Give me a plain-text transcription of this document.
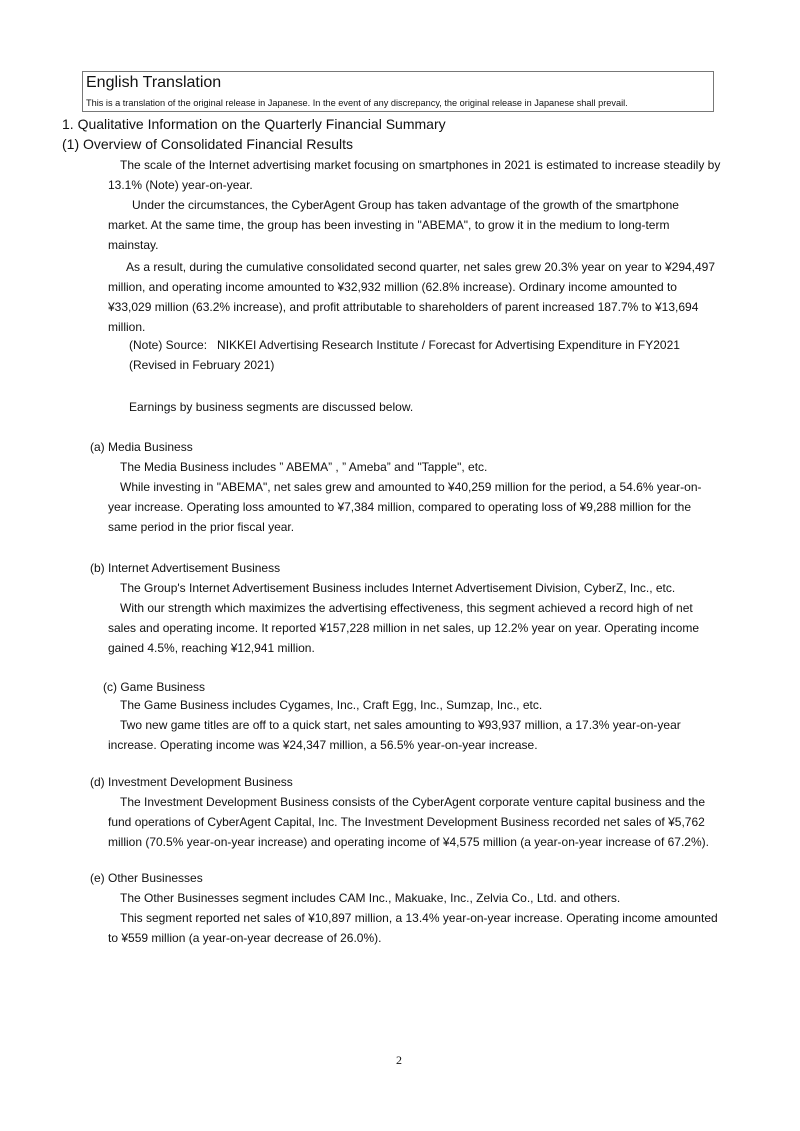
English Translation
This is a translation of the original release in Japanese. In the event of any discrepancy, the original release in Japanese shall prevail.
1. Qualitative Information on the Quarterly Financial Summary
(1) Overview of Consolidated Financial Results
The scale of the Internet advertising market focusing on smartphones in 2021 is estimated to increase steadily by
13.1% (Note) year-on-year.
Under the circumstances, the CyberAgent Group has taken advantage of the growth of the smartphone
market. At the same time, the group has been investing in "ABEMA", to grow it in the medium to long-term
mainstay.
As a result, during the cumulative consolidated second quarter, net sales grew 20.3% year on year to ¥294,497
million, and operating income amounted to ¥32,932 million (62.8% increase). Ordinary income amounted to
¥33,029 million (63.2% increase), and profit attributable to shareholders of parent increased 187.7% to ¥13,694
million.
(Note) Source:   NIKKEI Advertising Research Institute / Forecast for Advertising Expenditure in FY2021
(Revised in February 2021)
Earnings by business segments are discussed below.
(a) Media Business
The Media Business includes ” ABEMA” , ” Ameba” and "Tapple", etc.
While investing in "ABEMA", net sales grew and amounted to ¥40,259 million for the period, a 54.6% year-on-
year increase. Operating loss amounted to ¥7,384 million, compared to operating loss of ¥9,288 million for the
same period in the prior fiscal year.
(b) Internet Advertisement Business
The Group's Internet Advertisement Business includes Internet Advertisement Division, CyberZ, Inc., etc.
With our strength which maximizes the advertising effectiveness, this segment achieved a record high of net
sales and operating income. It reported ¥157,228 million in net sales, up 12.2% year on year. Operating income
gained 4.5%, reaching ¥12,941 million.
(c) Game Business
The Game Business includes Cygames, Inc., Craft Egg, Inc., Sumzap, Inc., etc.
Two new game titles are off to a quick start, net sales amounting to ¥93,937 million, a 17.3% year-on-year
increase. Operating income was ¥24,347 million, a 56.5% year-on-year increase.
(d) Investment Development Business
The Investment Development Business consists of the CyberAgent corporate venture capital business and the
fund operations of CyberAgent Capital, Inc. The Investment Development Business recorded net sales of ¥5,762
million (70.5% year-on-year increase) and operating income of ¥4,575 million (a year-on-year increase of 67.2%).
(e) Other Businesses
The Other Businesses segment includes CAM Inc., Makuake, Inc., Zelvia Co., Ltd. and others.
This segment reported net sales of ¥10,897 million, a 13.4% year-on-year increase. Operating income amounted
to ¥559 million (a year-on-year decrease of 26.0%).
2
